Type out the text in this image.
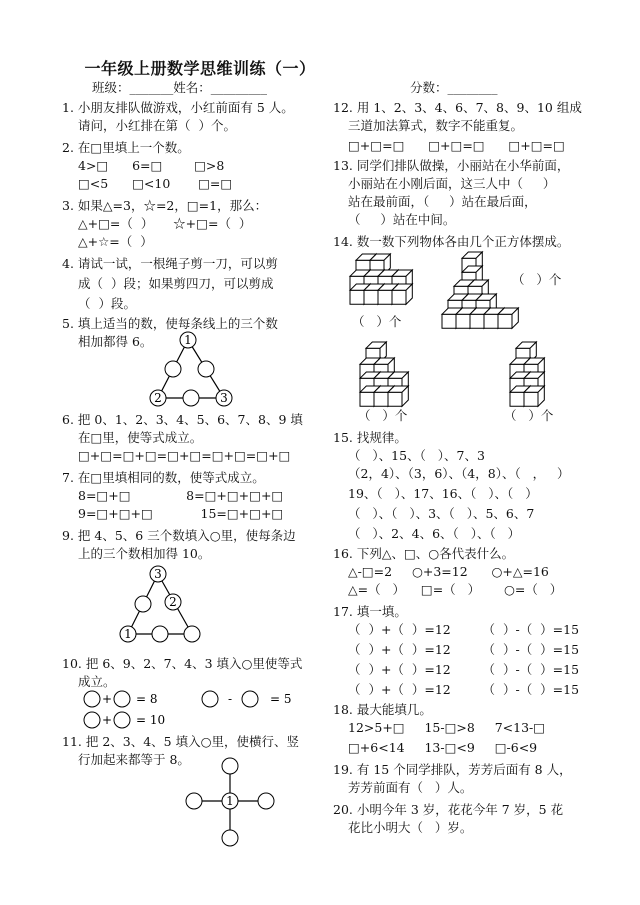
一年级上册数学思维训练（一）
班级：_______姓名：_________	分数：________
1. 小朋友排队做游戏，小红前面有 5 人。
请问，小红排在第（  ）个。
2. 在□里填上一个数。
4>□      6=□        □>8
□<5      □<10       □=□
3. 如果△=3，☆=2，□=1，那么：
△+□=（  ）     ☆+□=（  ）
△+☆=（  ）
4. 请试一试，一根绳子剪一刀，可以剪
成（  ）段；如果剪四刀，可以剪成
（  ）段。
5. 填上适当的数，使每条线上的三个数
相加都得 6。	1
2	3
6. 把 0、1、2、3、4、5、6、7、8、9 填
在□里，使等式成立。
□+□=□+□=□+□=□+□=□+□
7. 在□里填相同的数，使等式成立。
8=□+□              8=□+□+□+□
9=□+□+□            15=□+□+□
9. 把 4、5、6 三个数填入○里，使每条边
上的三个数相加得 10。
3
2
1
10. 把 6、9、2、7、4、3 填入○里使等式
成立。
+ = 8	-	= 5
+ = 10
11. 把 2、3、4、5 填入○里，使横行、竖
行加起来都等于 8。
1
12. 用 1、2、3、4、6、7、8、9、10 组成
三道加法算式，数字不能重复。
□+□=□      □+□=□      □+□=□
13. 同学们排队做操，小丽站在小华前面，
小丽站在小刚后面，这三人中（     ）
站在最前面，（     ）站在最后面，
（     ）站在中间。
14. 数一数下列物体各由几个正方体摆成。
（   ）个
（   ）个
（   ）个	（   ）个
15. 找规律。
（   ）、15、（   ）、7、3
（2，4）、（3，6）、（4，8）、（   ，   ）
19、（   ）、17、16、（   ）、（   ）
（   ）、（   ）、3、（   ）、5、6、7
（   ）、2、4、6、（   ）、（   ）
16. 下列△、□、○各代表什么。
△-□=2     ○+3=12      ○+△=16
△=（   ）    □=（   ）      ○=（   ）
17. 填一填。
（  ）+（  ）=12        （  ）-（  ）=15
（  ）+（  ）=12        （  ）-（  ）=15
（  ）+（  ）=12        （  ）-（  ）=15
（  ）+（  ）=12        （  ）-（  ）=15
18. 最大能填几。
12>5+□     15-□>8     7<13-□
□+6<14     13-□<9     □-6<9
19. 有 15 个同学排队，芳芳后面有 8 人，
芳芳前面有（   ）人。
20. 小明今年 3 岁，花花今年 7 岁，5 花
花比小明大（   ）岁。
